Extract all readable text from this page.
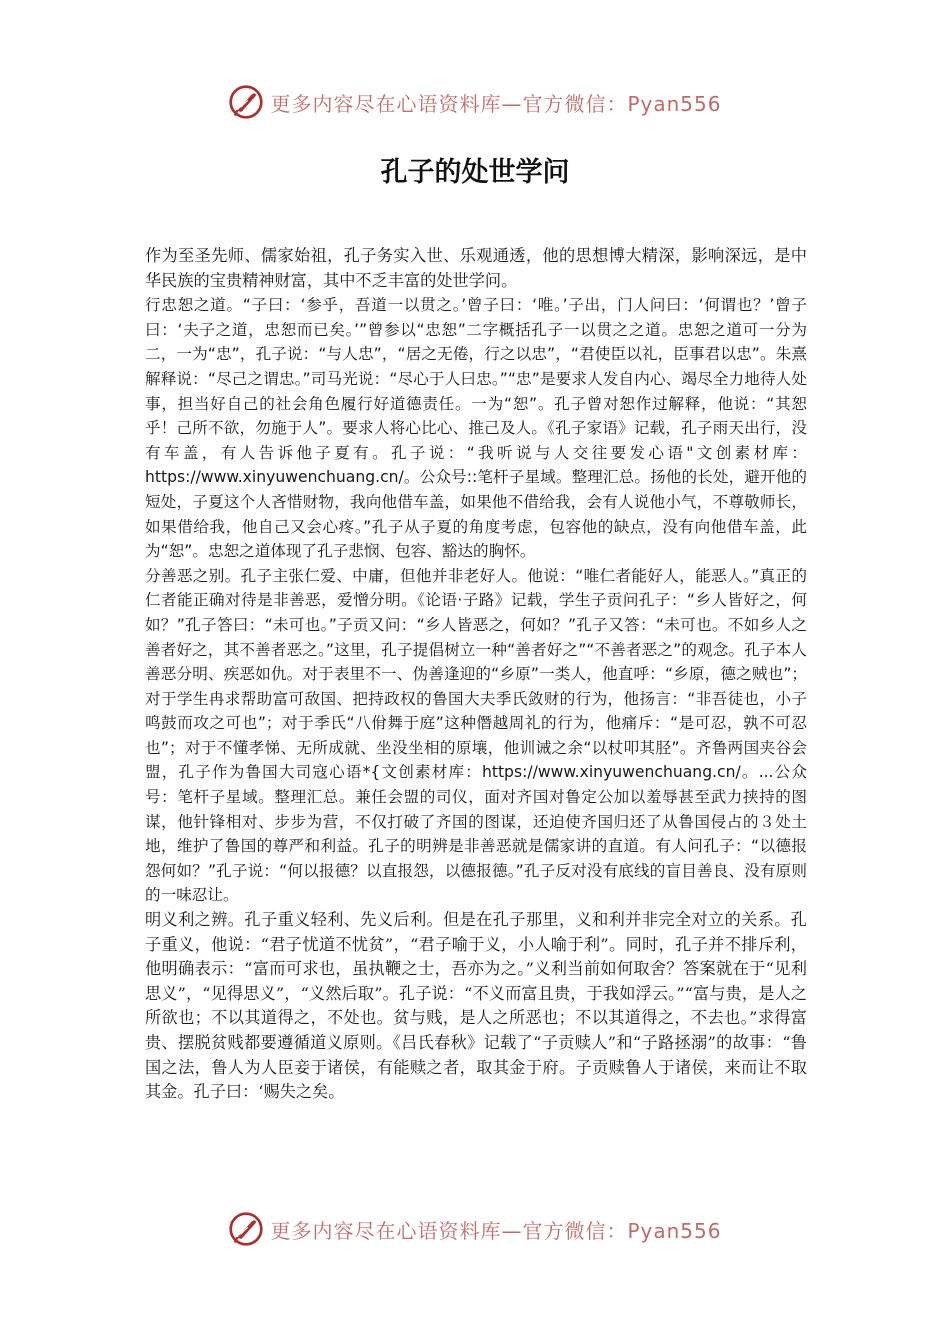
更多内容尽在心语资料库—官方微信：Pyan556
孔子的处世学问

作为至圣先师、儒家始祖，孔子务实入世、乐观通透，他的思想博大精深，影响深远，是中华民族的宝贵精神财富，其中不乏丰富的处世学问。

行忠恕之道。“子曰：‘参乎，吾道一以贯之。’曾子曰：‘唯。’子出，门人问曰：‘何谓也？’曾子曰：‘夫子之道，忠恕而已矣。’”曾参以“忠恕”二字概括孔子一以贯之之道。忠恕之道可一分为二，一为“忠”，孔子说：“与人忠”，“居之无倦，行之以忠”，“君使臣以礼，臣事君以忠”。朱熹解释说：“尽己之谓忠。”司马光说：“尽心于人曰忠。”“忠”是要求人发自内心、竭尽全力地待人处事，担当好自己的社会角色履行好道德责任。一为“恕”。孔子曾对恕作过解释，他说：“其恕乎！己所不欲，勿施于人”。要求人将心比心、推己及人。《孔子家语》记载，孔子雨天出行，没有车盖，有人告诉他子夏有。孔子说：“我听说与人交往要发心语"文创素材库：https://www.xinyuwenchuang.cn/。公众号::笔杆子星域。整理汇总。扬他的长处，避开他的短处，子夏这个人吝惜财物，我向他借车盖，如果他不借给我，会有人说他小气，不尊敬师长，如果借给我，他自己又会心疼。”孔子从子夏的角度考虑，包容他的缺点，没有向他借车盖，此为“恕”。忠恕之道体现了孔子悲悯、包容、豁达的胸怀。

分善恶之别。孔子主张仁爱、中庸，但他并非老好人。他说：“唯仁者能好人，能恶人。”真正的仁者能正确对待是非善恶，爱憎分明。《论语·子路》记载，学生子贡问孔子：“乡人皆好之，何如？”孔子答曰：“未可也。”子贡又问：“乡人皆恶之，何如？”孔子又答：“未可也。不如乡人之善者好之，其不善者恶之。”这里，孔子提倡树立一种“善者好之”“不善者恶之”的观念。孔子本人善恶分明、疾恶如仇。对于表里不一、伪善逢迎的“乡原”一类人，他直呼：“乡原，德之贼也”；对于学生冉求帮助富可敌国、把持政权的鲁国大夫季氏敛财的行为，他扬言：“非吾徒也，小子鸣鼓而攻之可也”；对于季氏“八佾舞于庭”这种僭越周礼的行为，他痛斥：“是可忍，孰不可忍也”；对于不懂孝悌、无所成就、坐没坐相的原壤，他训诫之余“以杖叩其胫”。齐鲁两国夹谷会盟，孔子作为鲁国大司寇心语*{文创素材库：https://www.xinyuwenchuang.cn/。...公众号：笔杆子星域。整理汇总。兼任会盟的司仪，面对齐国对鲁定公加以羞辱甚至武力挟持的图谋，他针锋相对、步步为营，不仅打破了齐国的图谋，还迫使齐国归还了从鲁国侵占的３处土地，维护了鲁国的尊严和利益。孔子的明辨是非善恶就是儒家讲的直道。有人问孔子：“以德报怨何如？”孔子说：“何以报德？以直报怨，以德报德。”孔子反对没有底线的盲目善良、没有原则的一味忍让。

明义利之辨。孔子重义轻利、先义后利。但是在孔子那里，义和利并非完全对立的关系。孔子重义，他说：“君子忧道不忧贫”，“君子喻于义，小人喻于利”。同时，孔子并不排斥利，他明确表示：“富而可求也，虽执鞭之士，吾亦为之。”义利当前如何取舍？答案就在于“见利思义”，“见得思义”，“义然后取”。孔子说：“不义而富且贵，于我如浮云。”“富与贵，是人之所欲也；不以其道得之，不处也。贫与贱，是人之所恶也；不以其道得之，不去也。”求得富贵、摆脱贫贱都要遵循道义原则。《吕氏春秋》记载了“子贡赎人”和“子路拯溺”的故事：“鲁国之法，鲁人为人臣妾于诸侯，有能赎之者，取其金于府。子贡赎鲁人于诸侯，来而让不取其金。孔子曰：‘赐失之矣。

更多内容尽在心语资料库—官方微信：Pyan556
